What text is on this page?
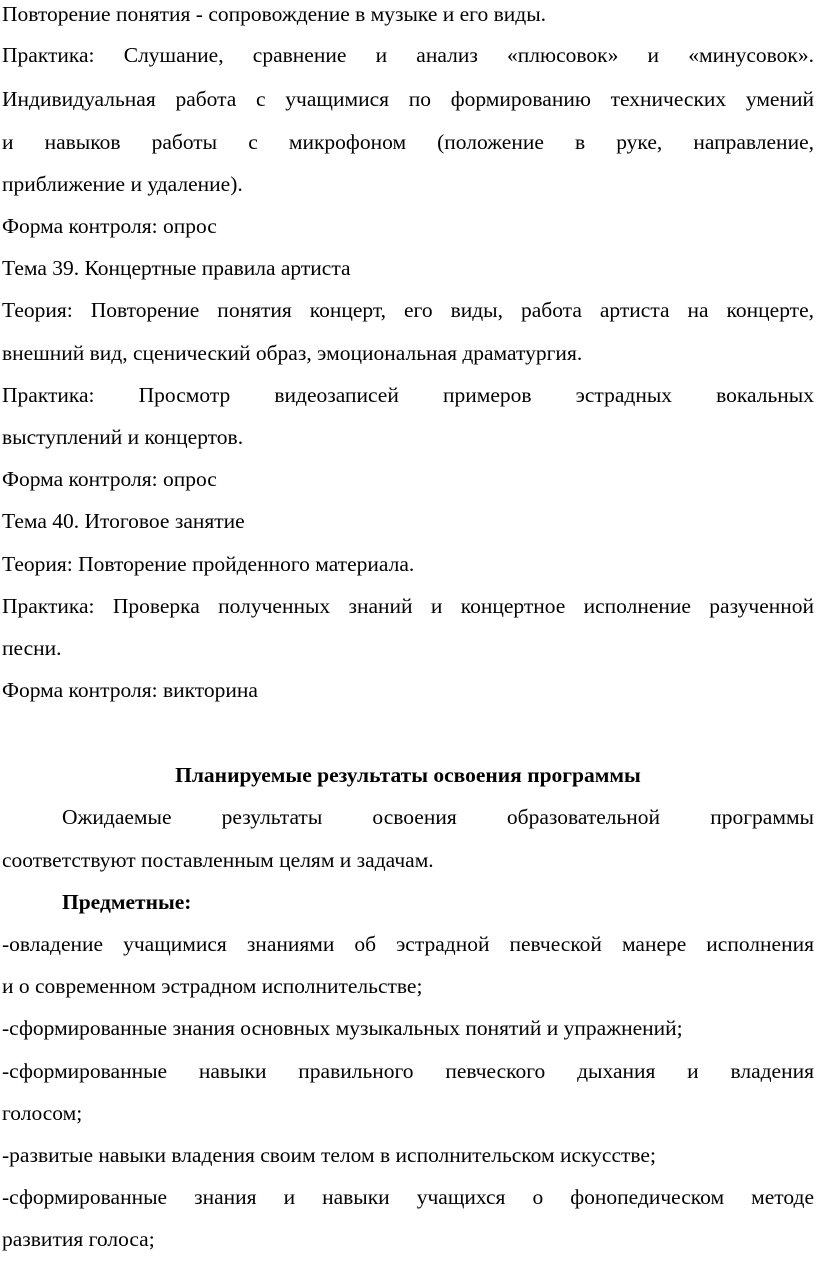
Повторение понятия - сопровождение в музыке и его виды.
Практика: Слушание, сравнение и анализ «плюсовок» и «минусовок».
Индивидуальная работа с учащимися по формированию технических умений
и навыков работы с микрофоном (положение в руке, направление,
приближение и удаление).
Форма контроля: опрос
Тема 39. Концертные правила артиста
Теория: Повторение понятия концерт, его виды, работа артиста на концерте,
внешний вид, сценический образ, эмоциональная драматургия.
Практика: Просмотр видеозаписей примеров эстрадных вокальных
выступлений и концертов.
Форма контроля: опрос
Тема 40. Итоговое занятие
Теория: Повторение пройденного материала.
Практика: Проверка полученных знаний и концертное исполнение разученной
песни.
Форма контроля: викторина
Планируемые результаты освоения программы
Ожидаемые результаты освоения образовательной программы
соответствуют поставленным целям и задачам.
Предметные:
-овладение учащимися знаниями об эстрадной певческой манере исполнения
и о современном эстрадном исполнительстве;
-сформированные знания основных музыкальных понятий и упражнений;
-сформированные навыки правильного певческого дыхания и владения
голосом;
-развитые навыки владения своим телом в исполнительском искусстве;
-сформированные знания и навыки учащихся о фонопедическом методе
развития голоса;
